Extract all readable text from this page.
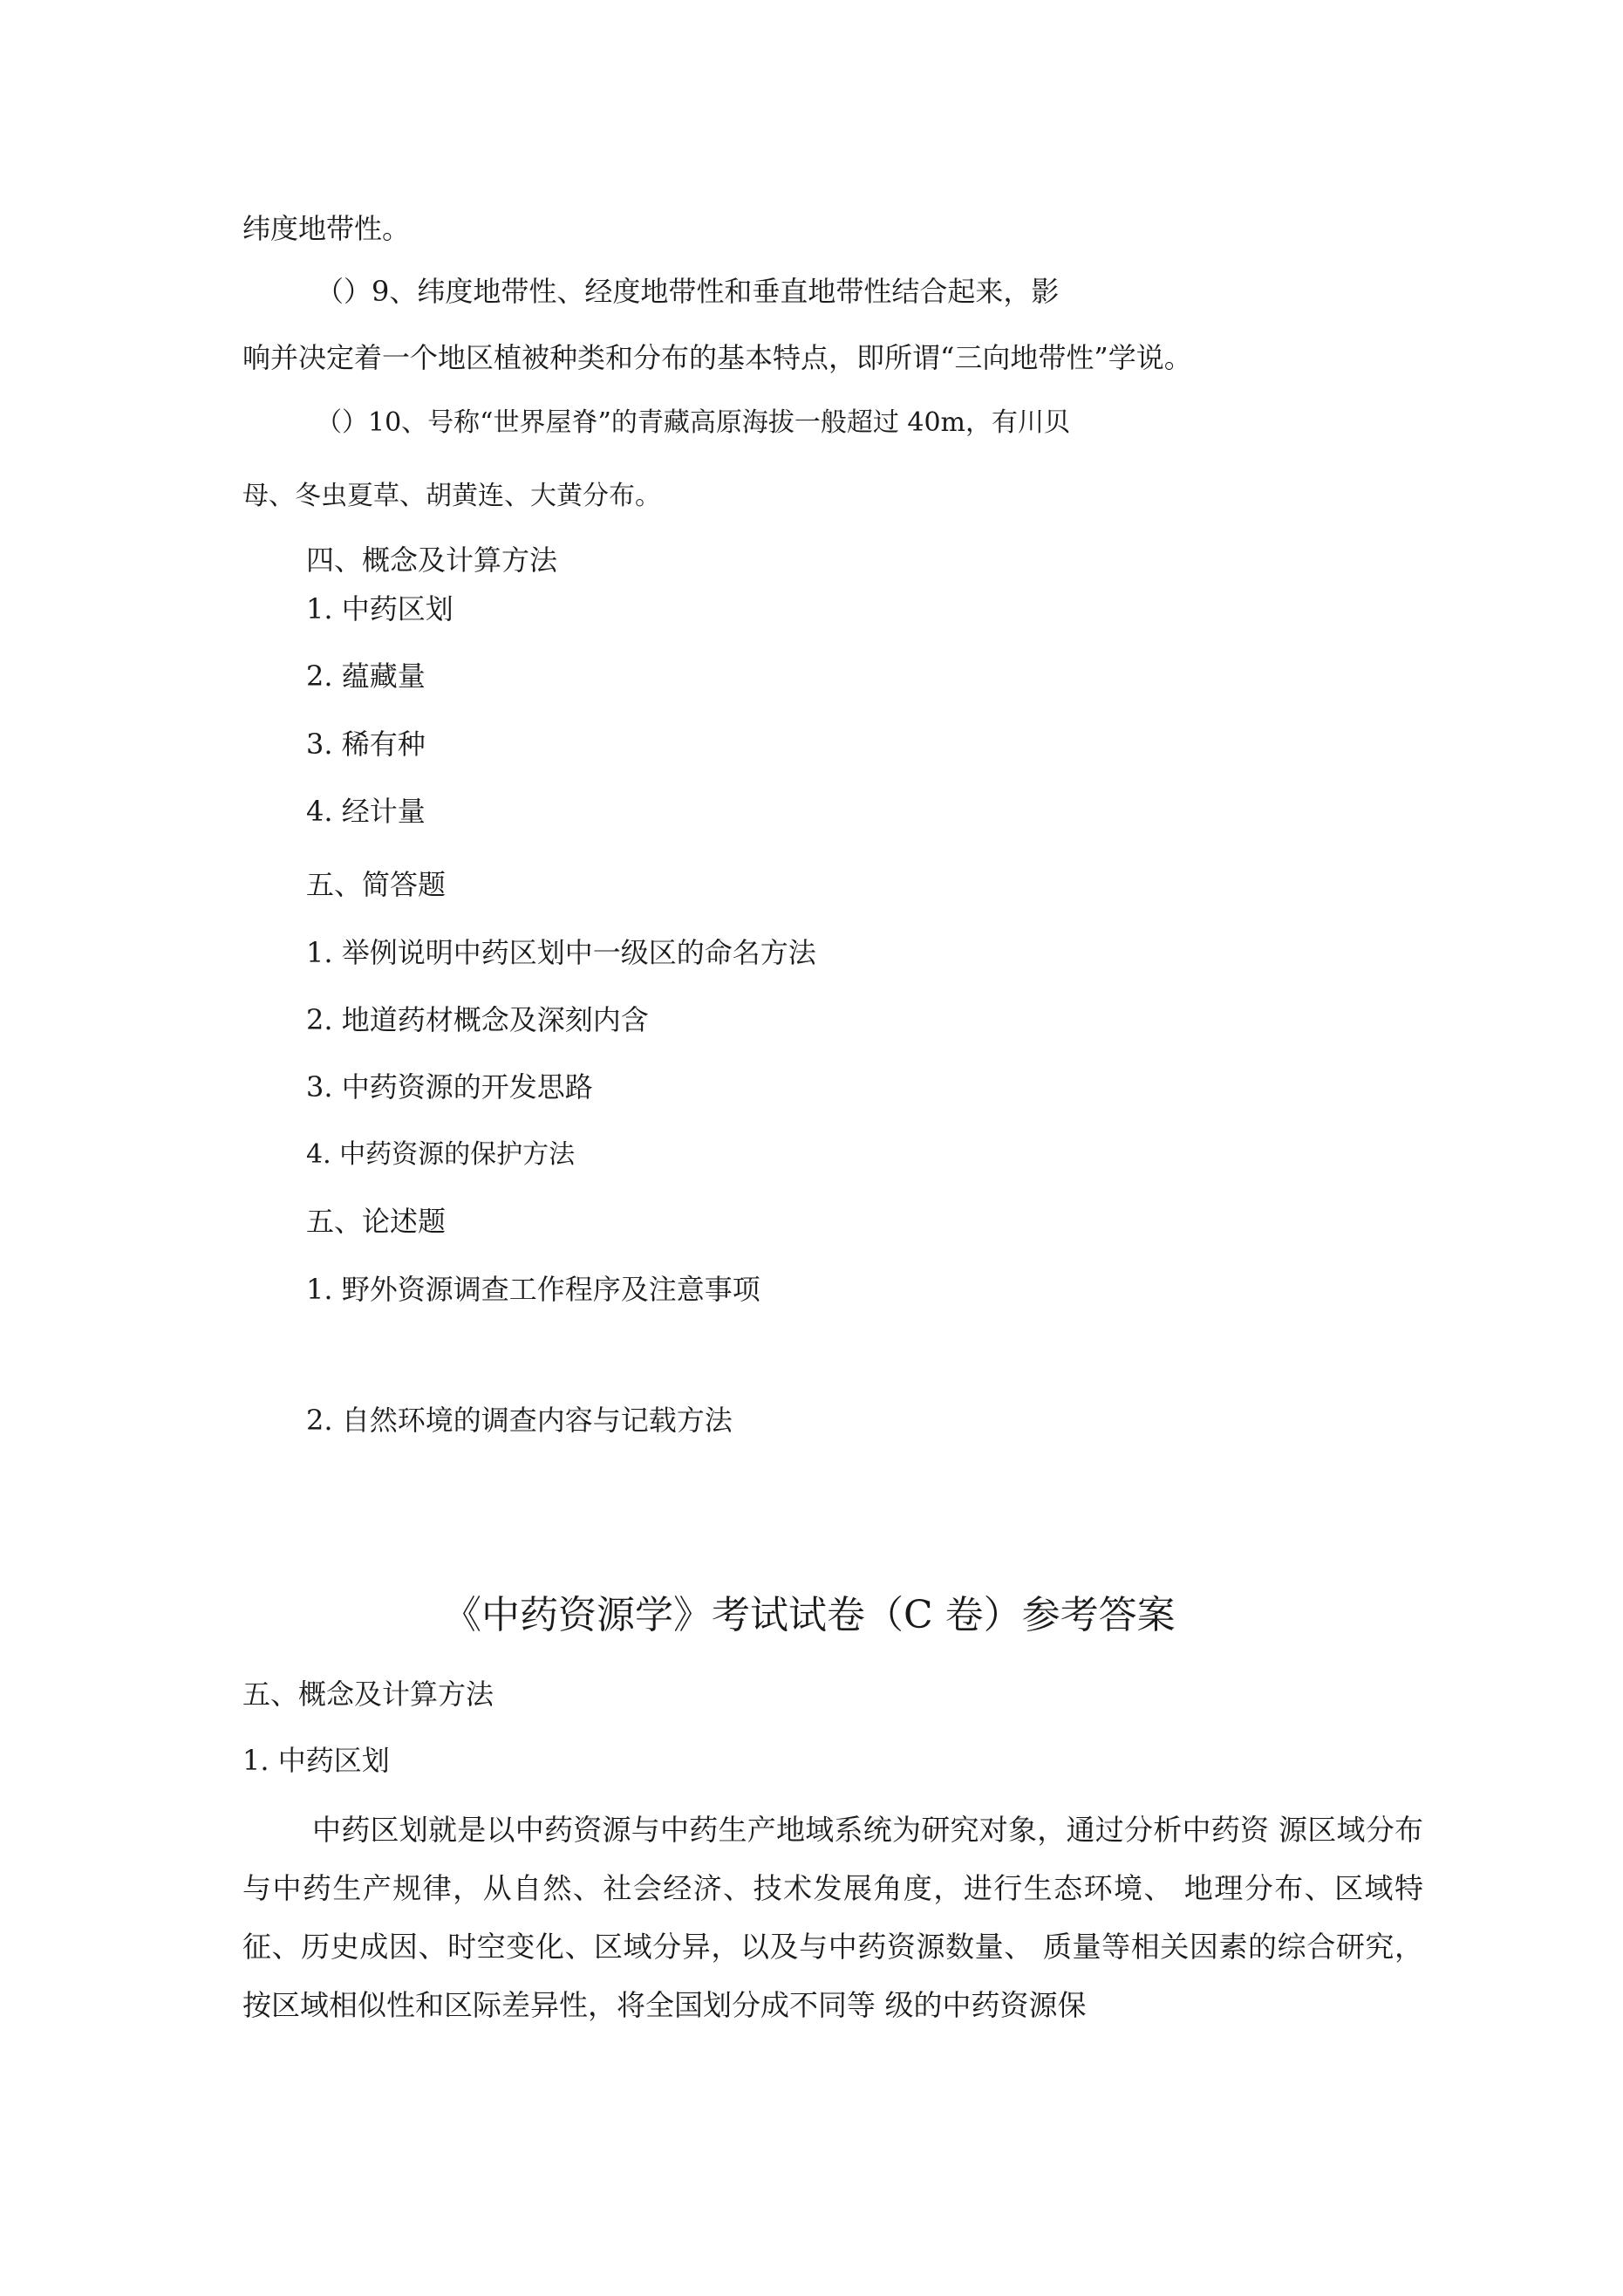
纬度地带性。

（）9、纬度地带性、经度地带性和垂直地带性结合起来，影

响并决定着一个地区植被种类和分布的基本特点，即所谓“三向地带性”学说。

（）10、号称“世界屋脊”的青藏高原海拔一般超过 40m，有川贝

母、冬虫夏草、胡黄连、大黄分布。

四、概念及计算方法

1. 中药区划

2. 蕴藏量

3. 稀有种

4. 经计量

五、简答题

1. 举例说明中药区划中一级区的命名方法

2. 地道药材概念及深刻内含

3. 中药资源的开发思路

4. 中药资源的保护方法

五、论述题

1. 野外资源调查工作程序及注意事项

2. 自然环境的调查内容与记载方法

《中药资源学》考试试卷（C 卷）参考答案

五、概念及计算方法

1. 中药区划

中药区划就是以中药资源与中药生产地域系统为研究对象，通过分析中药资 源区域分布与中药生产规律，从自然、社会经济、技术发展角度，进行生态环境、 地理分布、区域特征、历史成因、时空变化、区域分异，以及与中药资源数量、 质量等相关因素的综合研究，按区域相似性和区际差异性，将全国划分成不同等 级的中药资源保
